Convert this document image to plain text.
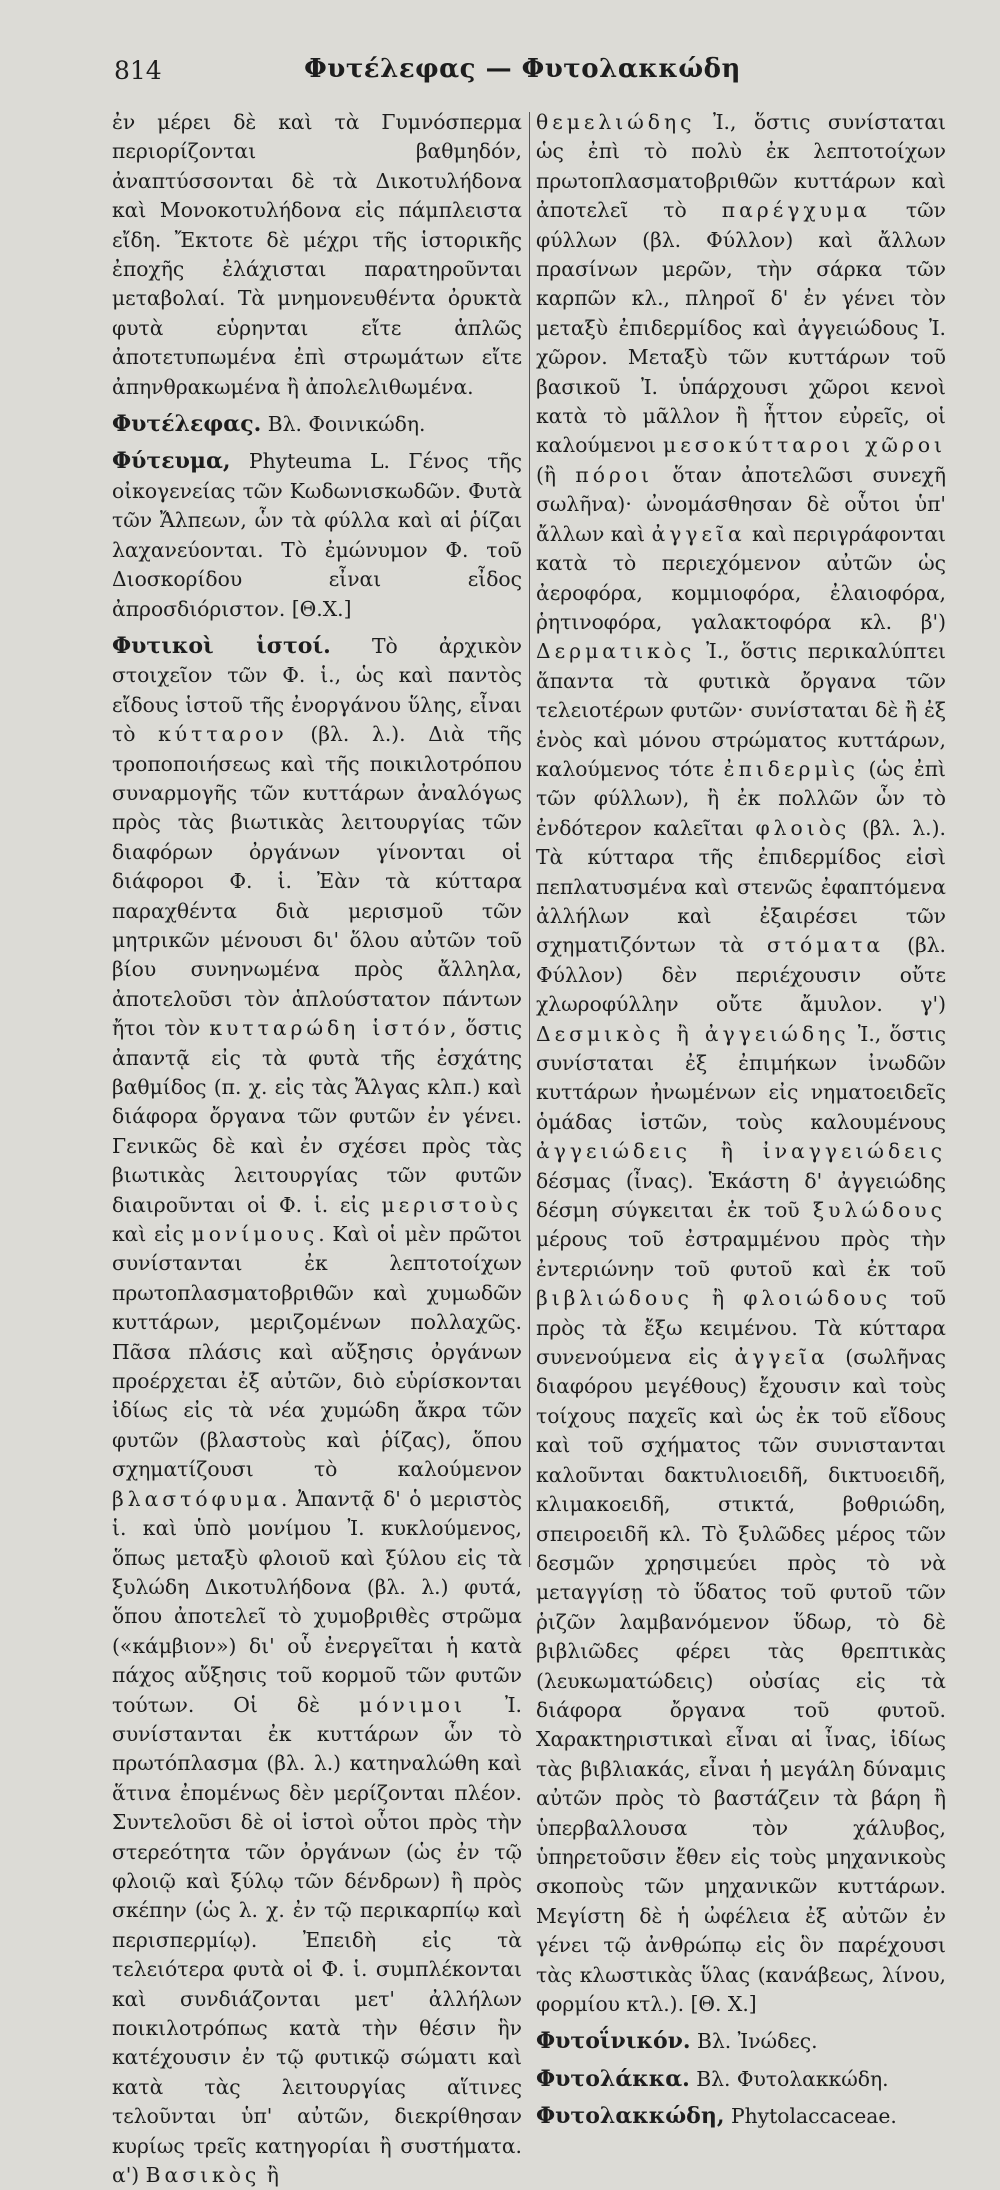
814	Φυτέλεφας — Φυτολακκώδη

ἐν μέρει δὲ καὶ τὰ Γυμνόσπερμα περιορίζονται βαθμηδόν, ἀναπτύσσονται δὲ τὰ Δικοτυλήδονα καὶ Μονοκοτυλήδονα εἰς πάμπλειστα εἴδη. Ἔκτοτε δὲ μέχρι τῆς ἱστορικῆς ἐποχῆς ἐλάχισται παρατηροῦνται μεταβολαί. Τὰ μνημονευθέντα ὀρυκτὰ φυτὰ εὑρηνται εἴτε ἁπλῶς ἀποτετυπωμένα ἐπὶ στρωμάτων εἴτε ἀπηνθρακωμένα ἢ ἀπολελιθωμένα.

Φυτέλεφας. Βλ. Φοινικώδη.

Φύτευμα, Phyteuma L. Γένος τῆς οἰκογενείας τῶν Κωδωνισκωδῶν. Φυτὰ τῶν Ἄλπεων, ὧν τὰ φύλλα καὶ αἱ ῥίζαι λαχανεύονται. Τὸ ἐμώνυμον Φ. τοῦ Διοσκορίδου εἶναι εἶδος ἀπροσδιόριστον. [Θ.Χ.]

Φυτικοὶ ἱστοί. Τὸ ἀρχικὸν στοιχεῖον τῶν Φ. ἱ., ὡς καὶ παντὸς εἴδους ἱστοῦ τῆς ἐνοργάνου ὕλης, εἶναι τὸ κύτταρον (βλ. λ.). Διὰ τῆς τροποποιήσεως καὶ τῆς ποικιλοτρόπου συναρμογῆς τῶν κυττάρων ἀναλόγως πρὸς τὰς βιωτικὰς λειτουργίας τῶν διαφόρων ὀργάνων γίνονται οἱ διάφοροι Φ. ἱ. Ἐὰν τὰ κύτταρα παραχθέντα διὰ μερισμοῦ τῶν μητρικῶν μένουσι δι' ὅλου αὐτῶν τοῦ βίου συνηνωμένα πρὸς ἄλληλα, ἀποτελοῦσι τὸν ἁπλούστατον πάντων ἤτοι τὸν κυτταρώδη ἱστόν, ὅστις ἀπαντᾷ εἰς τὰ φυτὰ τῆς ἐσχάτης βαθμίδος (π. χ. εἰς τὰς Ἄλγας κλπ.) καὶ διάφορα ὄργανα τῶν φυτῶν ἐν γένει. Γενικῶς δὲ καὶ ἐν σχέσει πρὸς τὰς βιωτικὰς λειτουργίας τῶν φυτῶν διαιροῦνται οἱ Φ. ἱ. εἰς μεριστοὺς καὶ εἰς μονίμους. Καὶ οἱ μὲν πρῶτοι συνίστανται ἐκ λεπτοτοίχων πρωτοπλασματοβριθῶν καὶ χυμωδῶν κυττάρων, μεριζομένων πολλαχῶς. Πᾶσα πλάσις καὶ αὔξησις ὀργάνων προέρχεται ἐξ αὐτῶν, διὸ εὑρίσκονται ἰδίως εἰς τὰ νέα χυμώδη ἄκρα τῶν φυτῶν (βλαστοὺς καὶ ῥίζας), ὅπου σχηματίζουσι τὸ καλούμενον βλαστόφυμα. Ἀπαντᾷ δ' ὁ μεριστὸς ἱ. καὶ ὑπὸ μονίμου Ἰ. κυκλούμενος, ὅπως μεταξὺ φλοιοῦ καὶ ξύλου εἰς τὰ ξυλώδη Δικοτυλήδονα (βλ. λ.) φυτά, ὅπου ἀποτελεῖ τὸ χυμοβριθὲς στρῶμα («κάμβιον») δι' οὗ ἐνεργεῖται ἡ κατὰ πάχος αὔξησις τοῦ κορμοῦ τῶν φυτῶν τούτων. Οἱ δὲ μόνιμοι Ἰ. συνίστανται ἐκ κυττάρων ὧν τὸ πρωτόπλασμα (βλ. λ.) κατηναλώθη καὶ ἅτινα ἐπομένως δὲν μερίζονται πλέον. Συντελοῦσι δὲ οἱ ἱστοὶ οὗτοι πρὸς τὴν στερεότητα τῶν ὀργάνων (ὡς ἐν τῷ φλοιῷ καὶ ξύλῳ τῶν δένδρων) ἢ πρὸς σκέπην (ὡς λ. χ. ἐν τῷ περικαρπίῳ καὶ περισπερμίῳ). Ἐπειδὴ εἰς τὰ τελειότερα φυτὰ οἱ Φ. ἱ. συμπλέκονται καὶ συνδιάζονται μετ' ἀλλήλων ποικιλοτρόπως κατὰ τὴν θέσιν ἣν κατέχουσιν ἐν τῷ φυτικῷ σώματι καὶ κατὰ τὰς λειτουργίας αἵτινες τελοῦνται ὑπ' αὐτῶν, διεκρίθησαν κυρίως τρεῖς κατηγορίαι ἢ συστήματα. α') Βασικὸς ἢ

θεμελιώδης Ἰ., ὅστις συνίσταται ὡς ἐπὶ τὸ πολὺ ἐκ λεπτοτοίχων πρωτοπλασματοβριθῶν κυττάρων καὶ ἀποτελεῖ τὸ παρέγχυμα τῶν φύλλων (βλ. Φύλλον) καὶ ἄλλων πρασίνων μερῶν, τὴν σάρκα τῶν καρπῶν κλ., πληροῖ δ' ἐν γένει τὸν μεταξὺ ἐπιδερμίδος καὶ ἀγγειώδους Ἰ. χῶρον. Μεταξὺ τῶν κυττάρων τοῦ βασικοῦ Ἰ. ὑπάρχουσι χῶροι κενοὶ κατὰ τὸ μᾶλλον ἢ ἧττον εὐρεῖς, οἱ καλούμενοι μεσοκύτταροι χῶροι (ἢ πόροι ὅταν ἀποτελῶσι συνεχῆ σωλῆνα)· ὠνομάσθησαν δὲ οὗτοι ὑπ' ἄλλων καὶ ἀγγεῖα καὶ περιγράφονται κατὰ τὸ περιεχόμενον αὐτῶν ὡς ἀεροφόρα, κομμιοφόρα, ἐλαιοφόρα, ῥητινοφόρα, γαλακτοφόρα κλ. β') Δερματικὸς Ἰ., ὅστις περικαλύπτει ἅπαντα τὰ φυτικὰ ὄργανα τῶν τελειοτέρων φυτῶν· συνίσταται δὲ ἢ ἐξ ἑνὸς καὶ μόνου στρώματος κυττάρων, καλούμενος τότε ἐπιδερμὶς (ὡς ἐπὶ τῶν φύλλων), ἢ ἐκ πολλῶν ὧν τὸ ἐνδότερον καλεῖται φλοιὸς (βλ. λ.). Τὰ κύτταρα τῆς ἐπιδερμίδος εἰσὶ πεπλατυσμένα καὶ στενῶς ἐφαπτόμενα ἀλλήλων καὶ ἐξαιρέσει τῶν σχηματιζόντων τὰ στόματα (βλ. Φύλλον) δὲν περιέχουσιν οὔτε χλωροφύλλην οὔτε ἄμυλον. γ') Δεσμικὸς ἢ ἀγγειώδης Ἰ., ὅστις συνίσταται ἐξ ἐπιμήκων ἰνωδῶν κυττάρων ἠνωμένων εἰς νηματοειδεῖς ὁμάδας ἱστῶν, τοὺς καλουμένους ἀγγειώδεις ἢ ἰναγγειώδεις δέσμας (ἶνας). Ἑκάστη δ' ἀγγειώδης δέσμη σύγκειται ἐκ τοῦ ξυλώδους μέρους τοῦ ἐστραμμένου πρὸς τὴν ἐντεριώνην τοῦ φυτοῦ καὶ ἐκ τοῦ βιβλιώδους ἢ φλοιώδους τοῦ πρὸς τὰ ἔξω κειμένου. Τὰ κύτταρα συνενούμενα εἰς ἀγγεῖα (σωλῆνας διαφόρου μεγέθους) ἔχουσιν καὶ τοὺς τοίχους παχεῖς καὶ ὡς ἐκ τοῦ εἴδους καὶ τοῦ σχήματος τῶν συνιστανται καλοῦνται δακτυλιοειδῆ, δικτυοειδῆ, κλιμακοειδῆ, στικτά, βοθριώδη, σπειροειδῆ κλ. Τὸ ξυλῶδες μέρος τῶν δεσμῶν χρησιμεύει πρὸς τὸ νὰ μεταγγίσῃ τὸ ὕδατος τοῦ φυτοῦ τῶν ῥιζῶν λαμβανόμενον ὕδωρ, τὸ δὲ βιβλιῶδες φέρει τὰς θρεπτικὰς (λευκωματώδεις) οὐσίας εἰς τὰ διάφορα ὄργανα τοῦ φυτοῦ. Χαρακτηριστικαὶ εἶναι αἱ ἶνας, ἰδίως τὰς βιβλιακάς, εἶναι ἡ μεγάλη δύναμις αὐτῶν πρὸς τὸ βαστάζειν τὰ βάρη ἢ ὑπερβαλλουσα τὸν χάλυβος, ὑπηρετοῦσιν ἔθεν εἰς τοὺς μηχανικοὺς σκοποὺς τῶν μηχανικῶν κυττάρων. Μεγίστη δὲ ἡ ὠφέλεια ἐξ αὐτῶν ἐν γένει τῷ ἀνθρώπῳ εἰς ὃν παρέχουσι τὰς κλωστικὰς ὕλας (κανάβεως, λίνου, φορμίου κτλ.). [Θ. Χ.]

Φυτοΐνικόν. Βλ. Ἰνώδες.

Φυτολάκκα. Βλ. Φυτολακκώδη.

Φυτολακκώδη, Phytolaccaceae.
